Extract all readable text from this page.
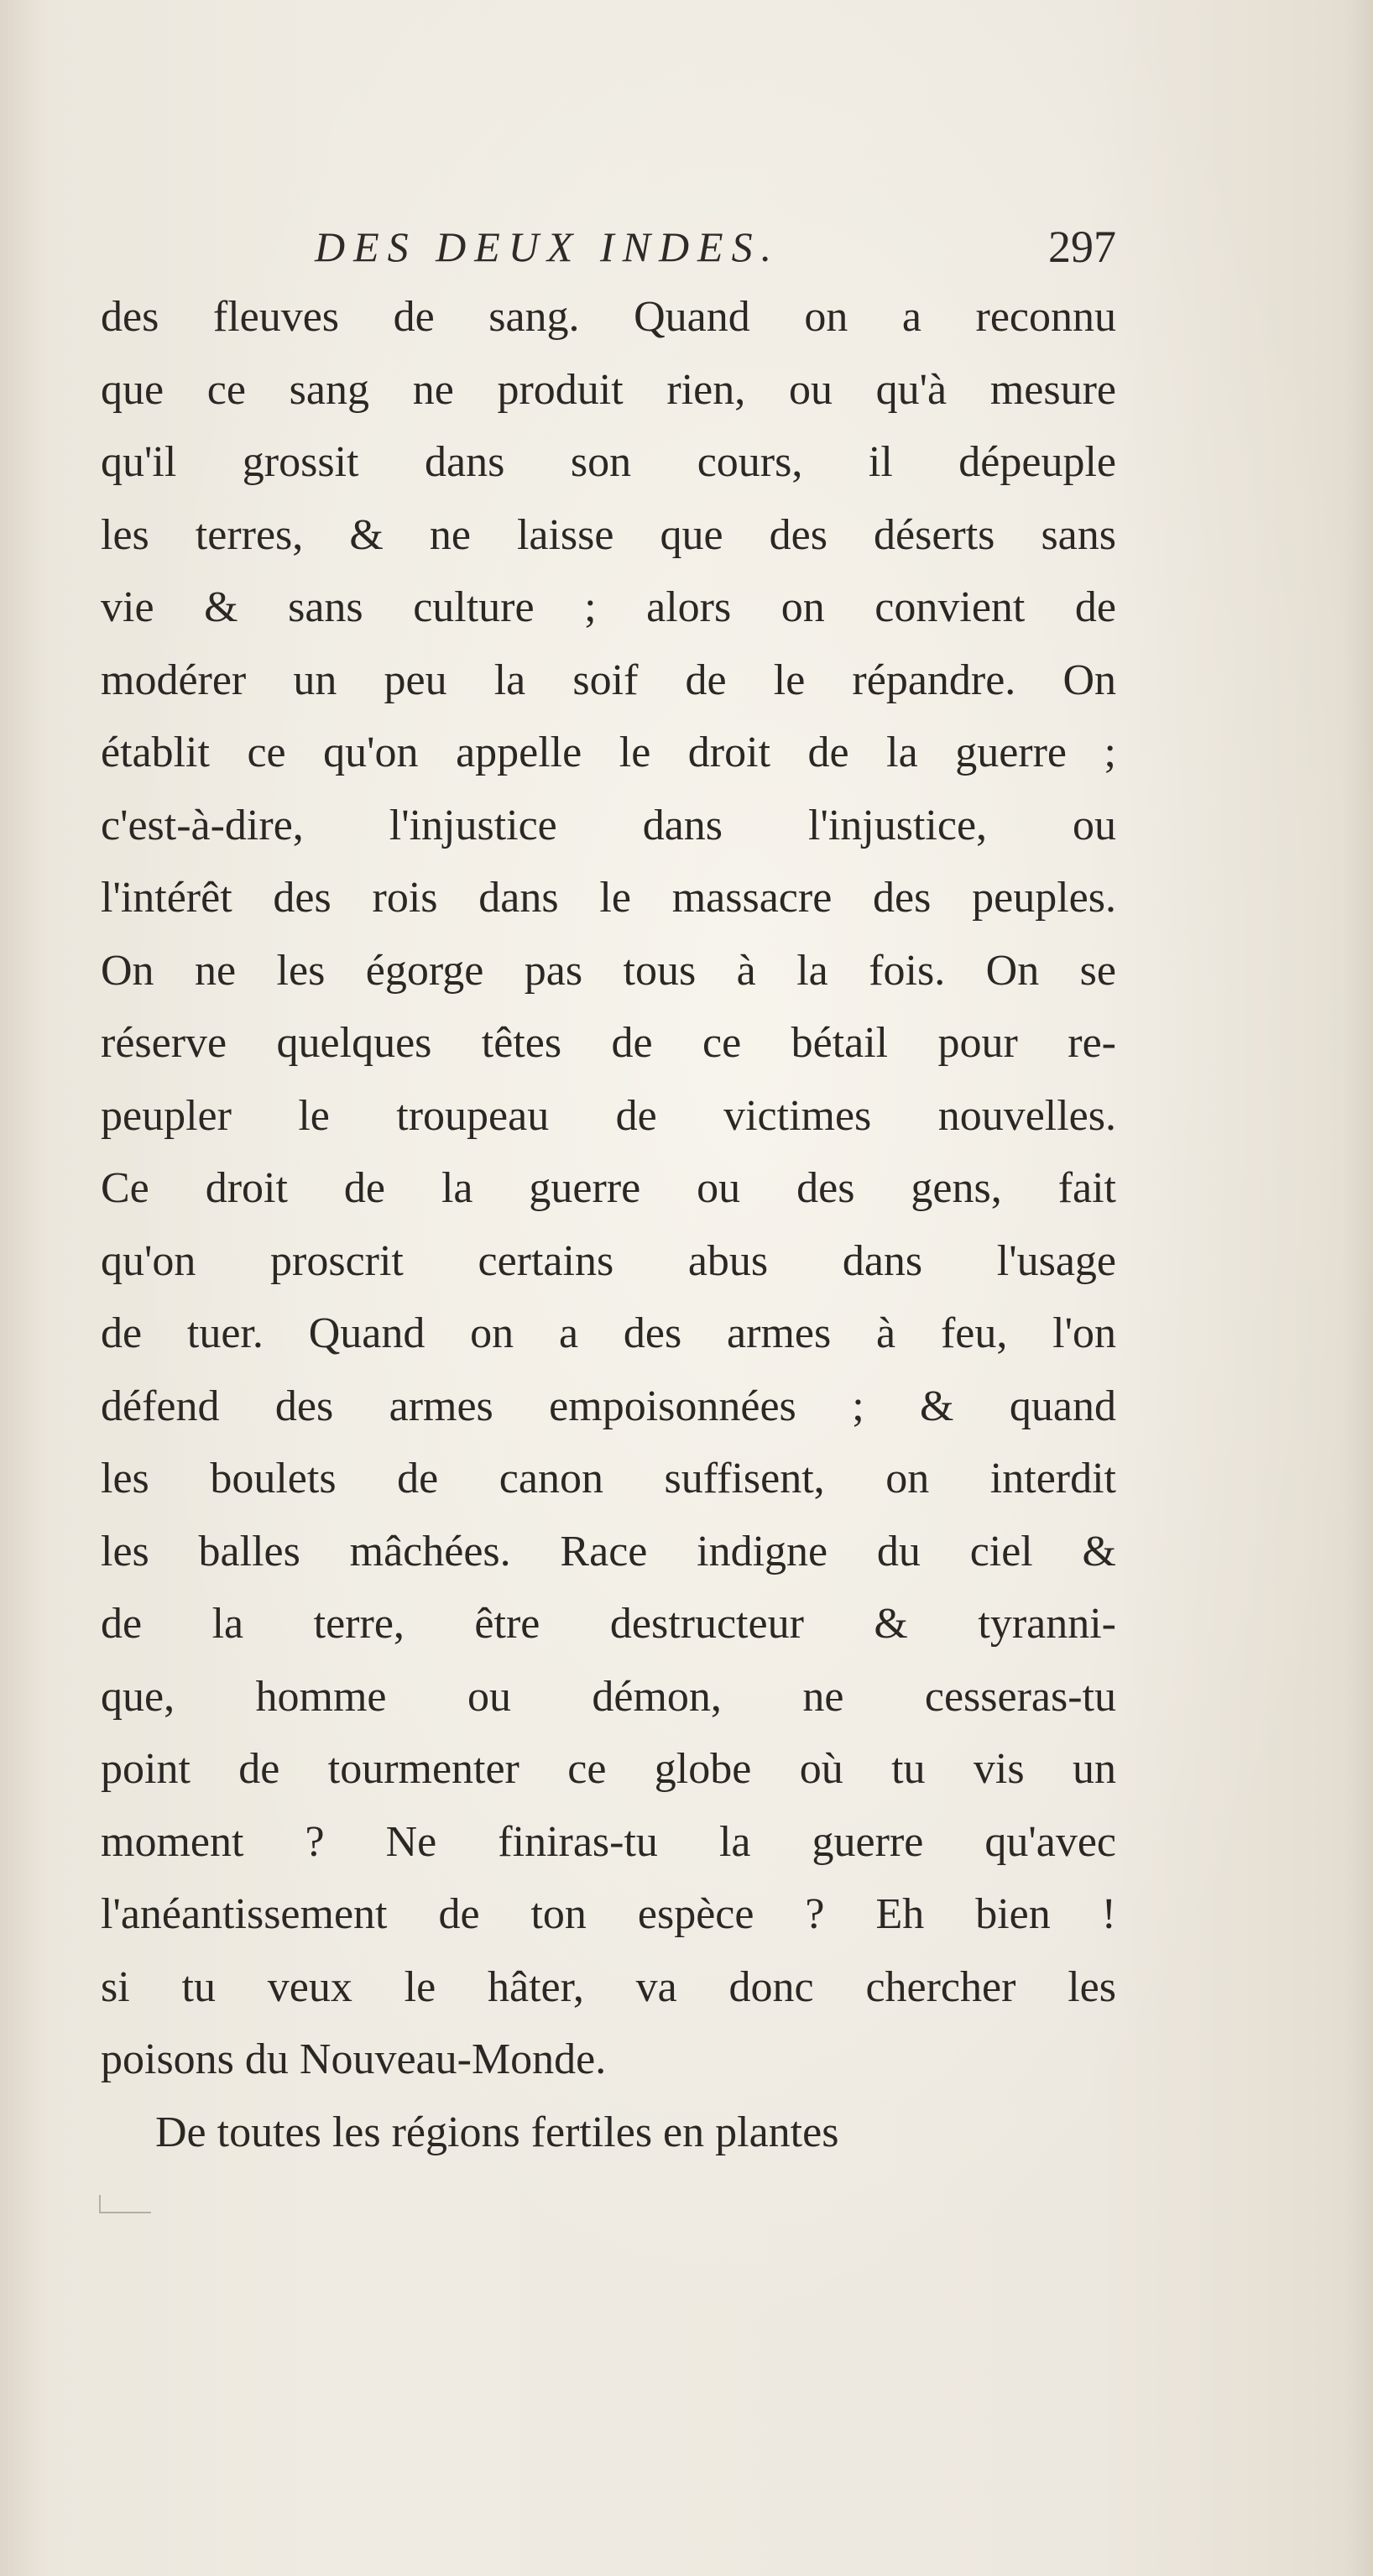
DES DEUX INDES.	297
des fleuves de sang. Quand on a reconnu
que ce sang ne produit rien, ou qu'à mesure
qu'il grossit dans son cours, il dépeuple
les terres, & ne laisse que des déserts sans
vie & sans culture ; alors on convient de
modérer un peu la soif de le répandre. On
établit ce qu'on appelle le droit de la guerre ;
c'est-à-dire, l'injustice dans l'injustice, ou
l'intérêt des rois dans le massacre des peuples.
On ne les égorge pas tous à la fois. On se
réserve quelques têtes de ce bétail pour re-
peupler le troupeau de victimes nouvelles.
Ce droit de la guerre ou des gens, fait
qu'on proscrit certains abus dans l'usage
de tuer. Quand on a des armes à feu, l'on
défend des armes empoisonnées ; & quand
les boulets de canon suffisent, on interdit
les balles mâchées. Race indigne du ciel &
de la terre, être destructeur & tyranni-
que, homme ou démon, ne cesseras-tu
point de tourmenter ce globe où tu vis un
moment ? Ne finiras-tu la guerre qu'avec
l'anéantissement de ton espèce ? Eh bien !
si tu veux le hâter, va donc chercher les
poisons du Nouveau-Monde.
De toutes les régions fertiles en plantes
